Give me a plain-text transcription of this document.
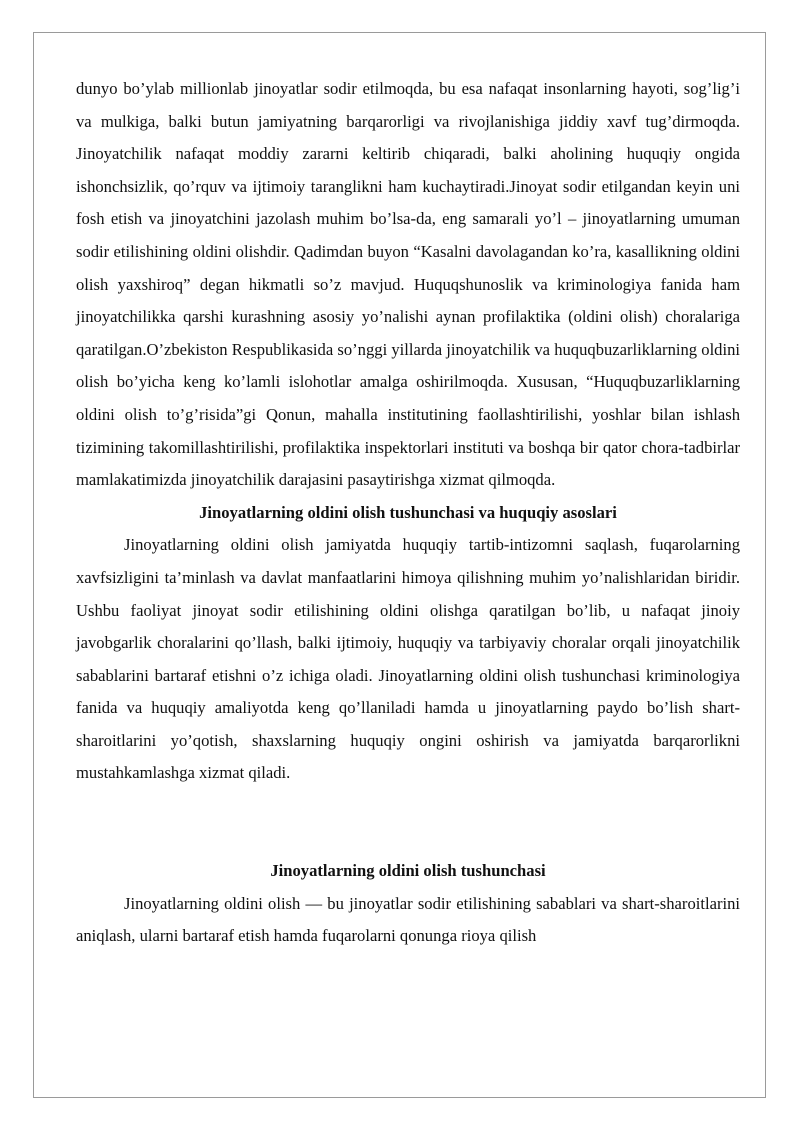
dunyo bo’ylab millionlab jinoyatlar sodir etilmoqda, bu esa nafaqat insonlarning hayoti, sog’lig’i va mulkiga, balki butun jamiyatning barqarorligi va rivojlanishiga jiddiy xavf tug’dirmoqda. Jinoyatchilik nafaqat moddiy zararni keltirib chiqaradi, balki aholining huquqiy ongida ishonchsizlik, qo’rquv va ijtimoiy taranglikni ham kuchaytiradi.Jinoyat sodir etilgandan keyin uni fosh etish va jinoyatchini jazolash muhim bo’lsa-da, eng samarali yo’l – jinoyatlarning umuman sodir etilishining oldini olishdir. Qadimdan buyon “Kasalni davolagandan ko’ra, kasallikning oldini olish yaxshiroq” degan hikmatli so’z mavjud. Huquqshunoslik va kriminologiya fanida ham jinoyatchilikka qarshi kurashning asosiy yo’nalishi aynan profilaktika (oldini olish) choralariga qaratilgan.O’zbekiston Respublikasida so’nggi yillarda jinoyatchilik va huquqbuzarliklarning oldini olish bo’yicha keng ko’lamli islohotlar amalga oshirilmoqda. Xususan, “Huquqbuzarliklarning oldini olish to’g’risida”gi Qonun, mahalla institutining faollashtirilishi, yoshlar bilan ishlash tizimining takomillashtirilishi, profilaktika inspektorlari instituti va boshqa bir qator chora-tadbirlar mamlakatimizda jinoyatchilik darajasini pasaytirishga xizmat qilmoqda.

Jinoyatlarning oldini olish tushunchasi va huquqiy asoslari

Jinoyatlarning oldini olish jamiyatda huquqiy tartib-intizomni saqlash, fuqarolarning xavfsizligini ta’minlash va davlat manfaatlarini himoya qilishning muhim yo’nalishlaridan biridir. Ushbu faoliyat jinoyat sodir etilishining oldini olishga qaratilgan bo’lib, u nafaqat jinoiy javobgarlik choralarini qo’llash, balki ijtimoiy, huquqiy va tarbiyaviy choralar orqali jinoyatchilik sabablarini bartaraf etishni o’z ichiga oladi. Jinoyatlarning oldini olish tushunchasi kriminologiya fanida va huquqiy amaliyotda keng qo’llaniladi hamda u jinoyatlarning paydo bo’lish shart-sharoitlarini yo’qotish, shaxslarning huquqiy ongini oshirish va jamiyatda barqarorlikni mustahkamlashga xizmat qiladi.

Jinoyatlarning oldini olish tushunchasi

Jinoyatlarning oldini olish — bu jinoyatlar sodir etilishining sabablari va shart-sharoitlarini aniqlash, ularni bartaraf etish hamda fuqarolarni qonunga rioya qilish
